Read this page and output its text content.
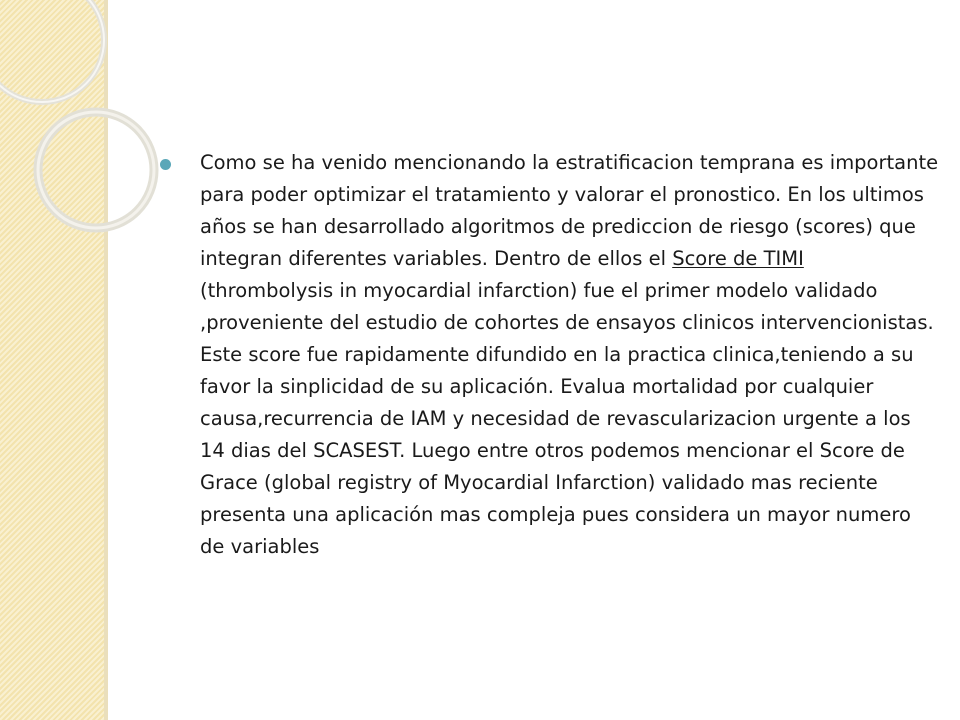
Como se ha venido mencionando la estratificacion temprana es importante para poder optimizar el tratamiento y valorar el pronostico. En los ultimos años se han desarrollado algoritmos de prediccion de riesgo (scores) que integran diferentes variables. Dentro de ellos el Score de TIMI (thrombolysis in myocardial infarction) fue el primer modelo validado ,proveniente del estudio de cohortes de ensayos clinicos intervencionistas. Este score fue rapidamente difundido en la practica clinica,teniendo a su favor la sinplicidad de su aplicación. Evalua mortalidad por cualquier causa,recurrencia de IAM y necesidad de revascularizacion urgente a los 14 dias del SCASEST. Luego entre otros podemos mencionar el Score de Grace (global registry of Myocardial Infarction) validado mas reciente presenta una aplicación mas compleja pues considera un mayor numero de variables
